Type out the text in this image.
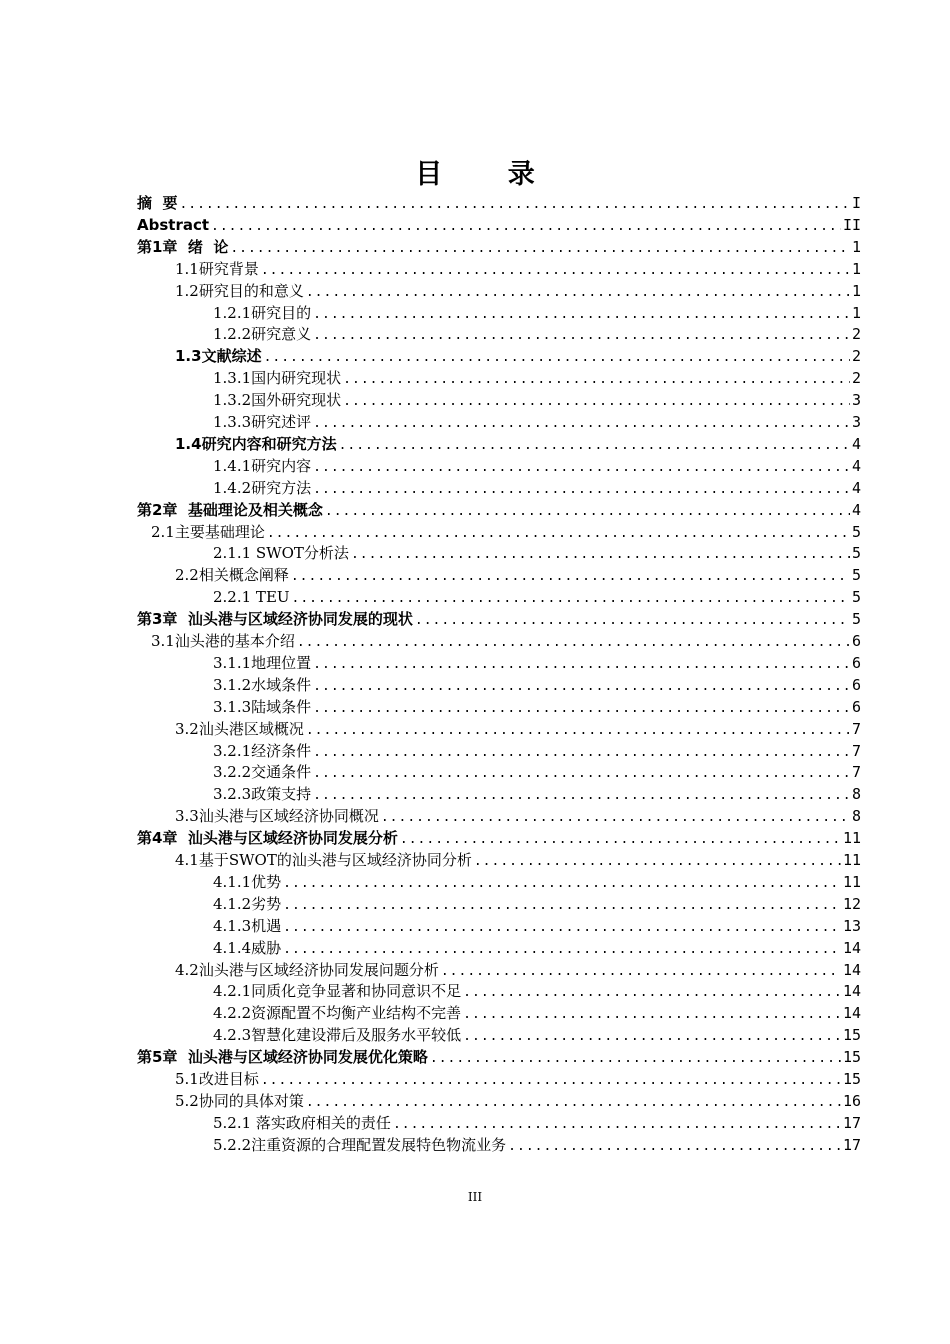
目 录
摘  要 .....	I
Abstract .....	II
第1章  绪  论 .....	1
1.1研究背景 .....	1
1.2研究目的和意义 .....	1
1.2.1研究目的 .....	1
1.2.2研究意义 .....	2
1.3文献综述 .....	2
1.3.1国内研究现状 .....	2
1.3.2国外研究现状 .....	3
1.3.3研究述评 .....	3
1.4研究内容和研究方法 .....	4
1.4.1研究内容 .....	4
1.4.2研究方法 .....	4
第2章  基础理论及相关概念 .....	4
2.1主要基础理论 .....	5
2.1.1 SWOT分析法 .....	5
2.2相关概念阐释 .....	5
2.2.1 TEU .....	5
第3章  汕头港与区域经济协同发展的现状 .....	5
3.1汕头港的基本介绍 .....	6
3.1.1地理位置 .....	6
3.1.2水域条件 .....	6
3.1.3陆域条件 .....	6
3.2汕头港区域概况 .....	7
3.2.1经济条件 .....	7
3.2.2交通条件 .....	7
3.2.3政策支持 .....	8
3.3汕头港与区域经济协同概况 .....	8
第4章  汕头港与区域经济协同发展分析 .....	11
4.1基于SWOT的汕头港与区域经济协同分析 .....	11
4.1.1优势 .....	11
4.1.2劣势 .....	12
4.1.3机遇 .....	13
4.1.4威胁 .....	14
4.2汕头港与区域经济协同发展问题分析 .....	14
4.2.1同质化竞争显著和协同意识不足 .....	14
4.2.2资源配置不均衡产业结构不完善 .....	14
4.2.3智慧化建设滞后及服务水平较低 .....	15
第5章  汕头港与区域经济协同发展优化策略 .....	15
5.1改进目标 .....	15
5.2协同的具体对策 .....	16
5.2.1 落实政府相关的责任 .....	17
5.2.2注重资源的合理配置发展特色物流业务 .....	17
III
